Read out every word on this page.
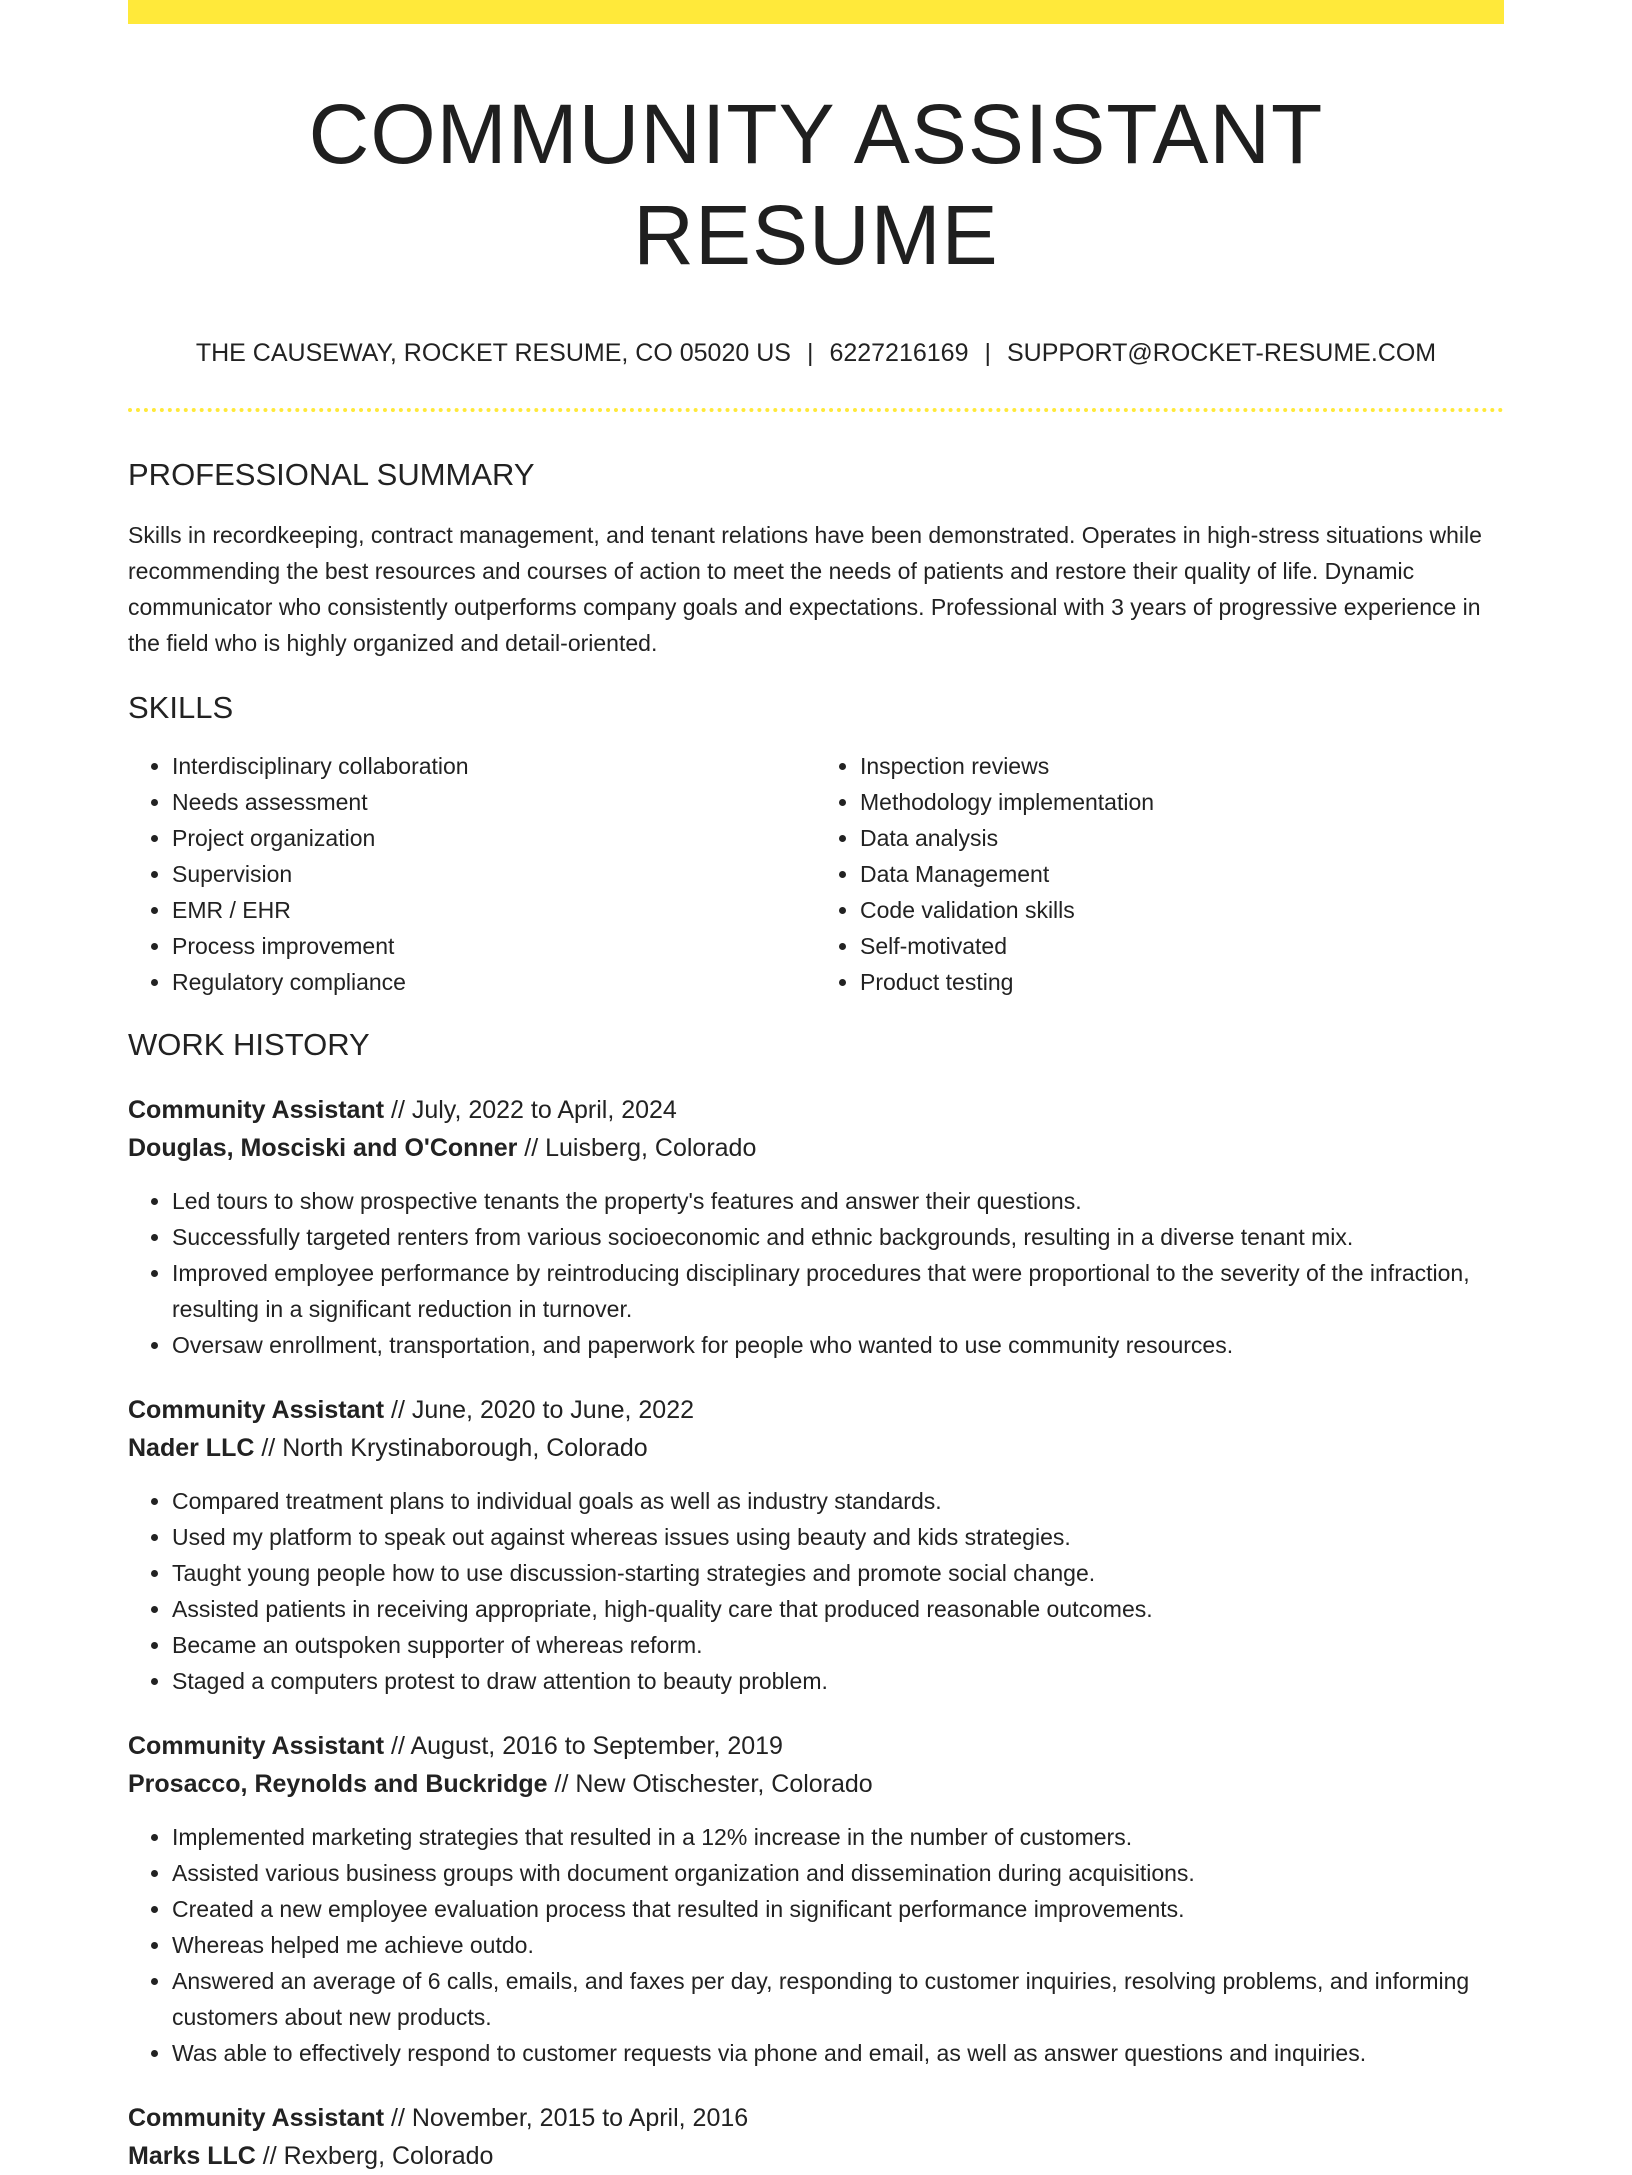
COMMUNITY ASSISTANT RESUME
THE CAUSEWAY, ROCKET RESUME, CO 05020 US | 6227216169 | SUPPORT@ROCKET-RESUME.COM
PROFESSIONAL SUMMARY

Skills in recordkeeping, contract management, and tenant relations have been demonstrated. Operates in high-stress situations while recommending the best resources and courses of action to meet the needs of patients and restore their quality of life. Dynamic communicator who consistently outperforms company goals and expectations. Professional with 3 years of progressive experience in the field who is highly organized and detail-oriented.

SKILLS
• Interdisciplinary collaboration
• Needs assessment
• Project organization
• Supervision
• EMR / EHR
• Process improvement
• Regulatory compliance
• Inspection reviews
• Methodology implementation
• Data analysis
• Data Management
• Code validation skills
• Self-motivated
• Product testing
WORK HISTORY
Community Assistant // July, 2022 to April, 2024
Douglas, Mosciski and O'Conner // Luisberg, Colorado
• Led tours to show prospective tenants the property's features and answer their questions.
• Successfully targeted renters from various socioeconomic and ethnic backgrounds, resulting in a diverse tenant mix.
• Improved employee performance by reintroducing disciplinary procedures that were proportional to the severity of the infraction, resulting in a significant reduction in turnover.
• Oversaw enrollment, transportation, and paperwork for people who wanted to use community resources.
Community Assistant // June, 2020 to June, 2022
Nader LLC // North Krystinaborough, Colorado
• Compared treatment plans to individual goals as well as industry standards.
• Used my platform to speak out against whereas issues using beauty and kids strategies.
• Taught young people how to use discussion-starting strategies and promote social change.
• Assisted patients in receiving appropriate, high-quality care that produced reasonable outcomes.
• Became an outspoken supporter of whereas reform.
• Staged a computers protest to draw attention to beauty problem.
Community Assistant // August, 2016 to September, 2019
Prosacco, Reynolds and Buckridge // New Otischester, Colorado
• Implemented marketing strategies that resulted in a 12% increase in the number of customers.
• Assisted various business groups with document organization and dissemination during acquisitions.
• Created a new employee evaluation process that resulted in significant performance improvements.
• Whereas helped me achieve outdo.
• Answered an average of 6 calls, emails, and faxes per day, responding to customer inquiries, resolving problems, and informing customers about new products.
• Was able to effectively respond to customer requests via phone and email, as well as answer questions and inquiries.
Community Assistant // November, 2015 to April, 2016
Marks LLC // Rexberg, Colorado
